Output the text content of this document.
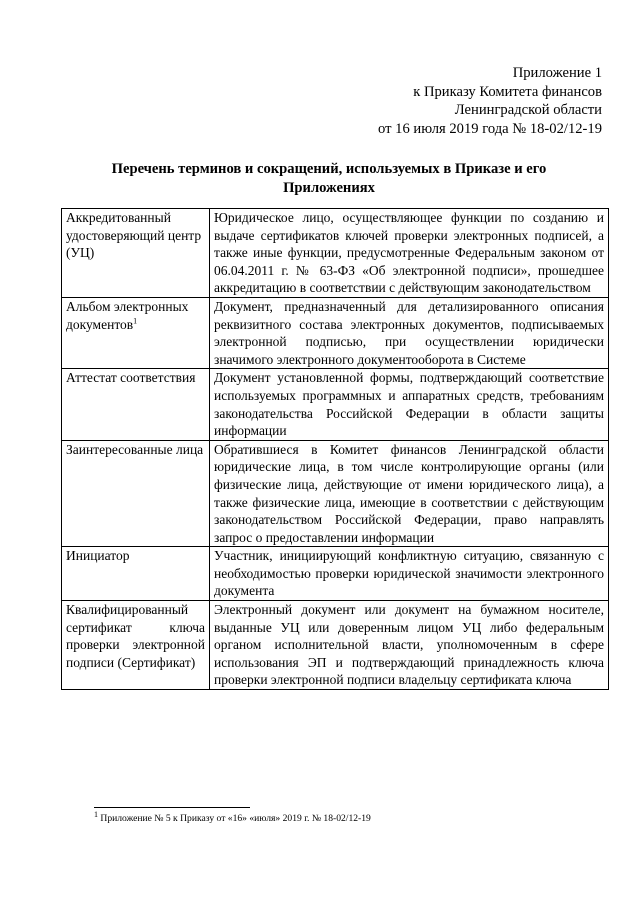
Приложение 1
к Приказу Комитета финансов
Ленинградской области
от 16 июля 2019 года № 18-02/12-19
Перечень терминов и сокращений, используемых в Приказе и его
Приложениях
Аккредитованный удостоверяющий центр (УЦ)	Юридическое лицо, осуществляющее функции по созданию и выдаче сертификатов ключей проверки электронных подписей, а также иные функции, предусмотренные Федеральным законом от 06.04.2011 г. № 63-ФЗ «Об электронной подписи», прошедшее аккредитацию в соответствии с действующим законодательством
Альбом электронных документов$^1$	Документ, предназначенный для детализированного описания реквизитного состава электронных документов, подписываемых электронной подписью, при осуществлении юридически значимого электронного документооборота в Системе
Аттестат соответствия	Документ установленной формы, подтверждающий соответствие используемых программных и аппаратных средств, требованиям законодательства Российской Федерации в области защиты информации
Заинтересованные лица	Обратившиеся в Комитет финансов Ленинградской области юридические лица, в том числе контролирующие органы (или физические лица, действующие от имени юридического лица), а также физические лица, имеющие в соответствии с действующим законодательством Российской Федерации, право направлять запрос о предоставлении информации
Инициатор	Участник, инициирующий конфликтную ситуацию, связанную с необходимостью проверки юридической значимости электронного документа
Квалифицированный сертификат ключа проверки электронной подписи (Сертификат)	Электронный документ или документ на бумажном носителе, выданные УЦ или доверенным лицом УЦ либо федеральным органом исполнительной власти, уполномоченным в сфере использования ЭП и подтверждающий принадлежность ключа проверки электронной подписи владельцу сертификата ключа
$^1$ Приложение № 5 к Приказу от «16» «июля» 2019 г. № 18-02/12-19
